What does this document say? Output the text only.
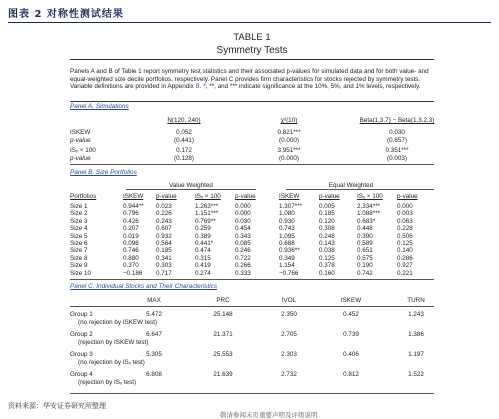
图表 2 对称性测试结果
TABLE 1
Symmetry Tests
Panels A and B of Table 1 report symmetry test statistics and their associated p-values for simulated data and for both value- and equal-weighted size decile portfolios, respectively. Panel C provides firm characteristics for stocks rejected by symmetry tests. Variable definitions are provided in Appendix B. *, **, and *** indicate significance at the 10%, 5%, and 1% levels, respectively.
Panel A. Simulations
N(120, 240)	χ²(10)	Beta(1,3.7) − Beta(1,3.2,3)
ISKEW	0.052	0.821***	0.030
p-value	(0.441)	(0.000)	(0.657)
ISₓ × 100	0.172	3.951***	0.351***
p-value	(0.128)	(0.000)	(0.003)
Panel B. Size Portfolios
Value Weighted	Equal Weighted
Portfolios	ISKEW	p-value	ISₓ × 100	p-value	ISKEW	p-value	ISₓ × 100	p-value
Size 1	0.944**	0.023	1.263***	0.000	1.307***	0.005	2.334***	0.000
Size 2	0.796	0.226	1.151***	0.000	1.080	0.185	1.088***	0.003
Size 3	0.426	0.243	0.769**	0.030	0.930	0.120	0.683*	0.063
Size 4	0.207	0.607	0.259	0.454	0.743	0.308	0.448	0.228
Size 5	0.019	0.932	0.389	0.343	1.095	0.248	0.390	0.506
Size 6	0.098	0.564	0.441*	0.085	0.688	0.143	0.589	0.125
Size 7	0.746	0.185	0.474	0.246	0.936**	0.038	0.651	0.140
Size 8	0.880	0.341	0.315	0.722	0.349	0.125	0.575	0.286
Size 9	0.370	0.303	0.419	0.266	1.154	0.378	0.190	0.927
Size 10	−0.186	0.717	0.274	0.333	−0.766	0.160	0.742	0.221
Panel C. Individual Stocks and Their Characteristics
MAX	PRC	IVOL	ISKEW	TURN
Group 1
(no rejection by ISKEW test)
5.472	25.148	2.350	0.452	1.243
Group 2
(rejection by ISKEW test)
6.647	21.371	2.705	0.739	1.386
Group 3
(no rejection by ISₓ test)
5.305	25.553	2.303	0.406	1.197
Group 4
(rejection by ISₓ test)
6.808	21.639	2.732	0.812	1.522
资料来源：华安证券研究所整理
敬请参阅末页重要声明及评级说明
